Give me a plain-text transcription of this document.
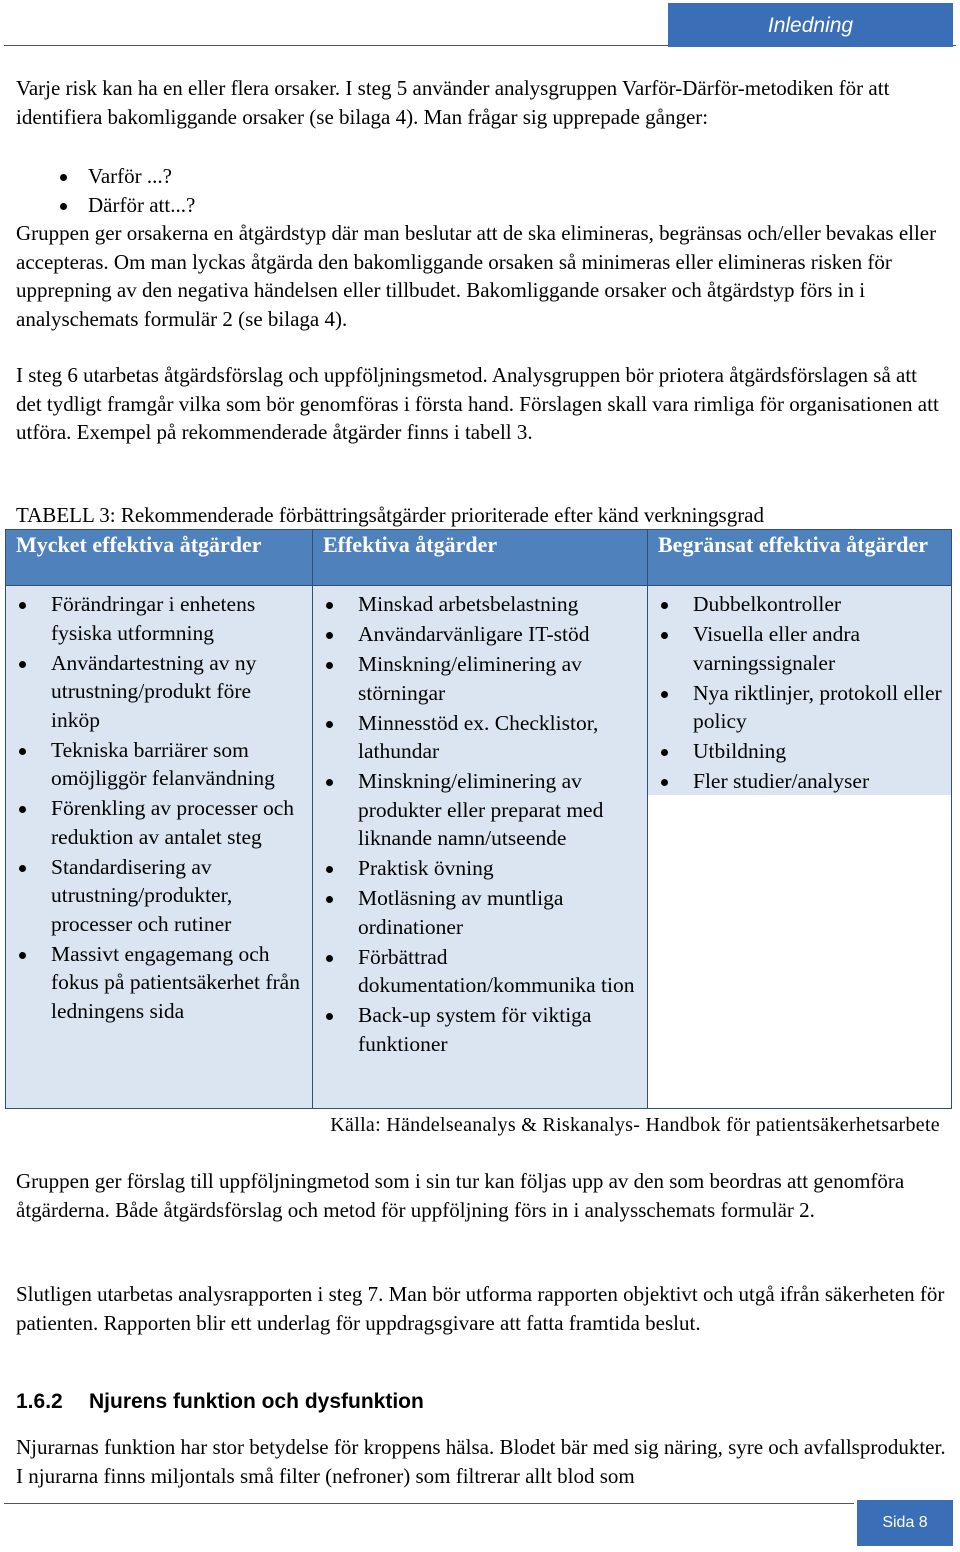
Inledning

Varje risk kan ha en eller flera orsaker. I steg 5 använder analysgruppen Varför-Därför-metodiken för att identifiera bakomliggande orsaker (se bilaga 4). Man frågar sig upprepade gånger:

Varför ...?
Därför att...?

Gruppen ger orsakerna en åtgärdstyp där man beslutar att de ska elimineras, begränsas och/eller bevakas eller accepteras. Om man lyckas åtgärda den bakomliggande orsaken så minimeras eller elimineras risken för upprepning av den negativa händelsen eller tillbudet. Bakomliggande orsaker och åtgärdstyp förs in i analyschemats formulär 2 (se bilaga 4).

I steg 6 utarbetas åtgärdsförslag och uppföljningsmetod. Analysgruppen bör priotera åtgärdsförslagen så att det tydligt framgår vilka som bör genomföras i första hand. Förslagen skall vara rimliga för organisationen att utföra. Exempel på rekommenderade åtgärder finns i tabell 3.

TABELL 3: Rekommenderade förbättringsåtgärder prioriterade efter känd verkningsgrad
Mycket effektiva åtgärder
Förändringar i enhetens fysiska utformning
Användartestning av ny utrustning/produkt före inköp
Tekniska barriärer som omöjliggör felanvändning
Förenkling av processer och reduktion av antalet steg
Standardisering av utrustning/produkter, processer och rutiner
Massivt engagemang och fokus på patientsäkerhet från ledningens sida
Effektiva åtgärder
Minskad arbetsbelastning
Användarvänligare IT-stöd
Minskning/eliminering av störningar
Minnesstöd ex. Checklistor, lathundar
Minskning/eliminering av produkter eller preparat med liknande namn/utseende
Praktisk övning
Motläsning av muntliga ordinationer
Förbättrad dokumentation/kommunika tion
Back-up system för viktiga funktioner
Begränsat effektiva åtgärder
Dubbelkontroller
Visuella eller andra varningssignaler
Nya riktlinjer, protokoll eller policy
Utbildning
Fler studier/analyser
Källa: Händelseanalys & Riskanalys- Handbok för patientsäkerhetsarbete

Gruppen ger förslag till uppföljningmetod som i sin tur kan följas upp av den som beordras att genomföra åtgärderna. Både åtgärdsförslag och metod för uppföljning förs in i analysschemats formulär 2.

Slutligen utarbetas analysrapporten i steg 7. Man bör utforma rapporten objektivt och utgå ifrån säkerheten för patienten. Rapporten blir ett underlag för uppdragsgivare att fatta framtida beslut.

1.6.2 Njurens funktion och dysfunktion

Njurarnas funktion har stor betydelse för kroppens hälsa. Blodet bär med sig näring, syre och avfallsprodukter. I njurarna finns miljontals små filter (nefroner) som filtrerar allt blod som

Sida 8
